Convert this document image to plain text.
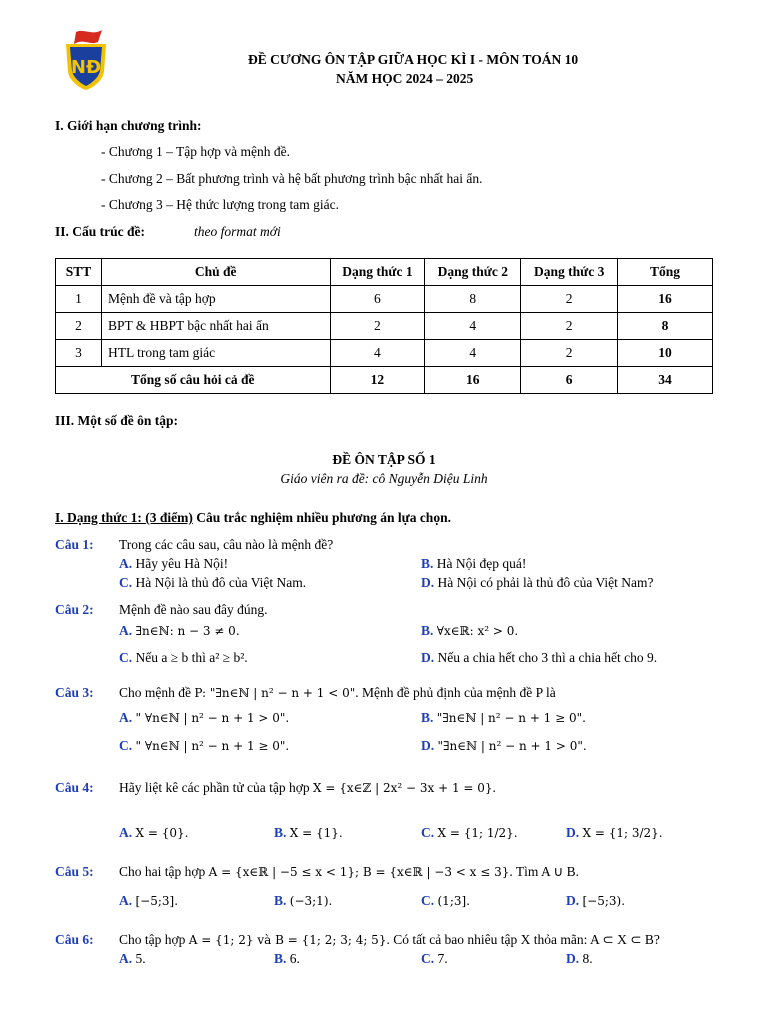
NĐ	ĐỀ CƯƠNG ÔN TẬP GIỮA HỌC KÌ I - MÔN TOÁN 10
NĂM HỌC 2024 – 2025
I. Giới hạn chương trình:
- Chương 1 – Tập hợp và mệnh đề.
- Chương 2 – Bất phương trình và hệ bất phương trình bậc nhất hai ẩn.
- Chương 3 – Hệ thức lượng trong tam giác.
II. Cấu trúc đề:	theo format mới
STT	Chủ đề	Dạng thức 1	Dạng thức 2	Dạng thức 3	Tổng
1	Mệnh đề và tập hợp	6	8	2	16
2	BPT & HBPT bậc nhất hai ẩn	2	4	2	8
3	HTL trong tam giác	4	4	2	10
Tổng số câu hỏi cả đề		12	16	6	34
III. Một số đề ôn tập:
ĐỀ ÔN TẬP SỐ 1
Giáo viên ra đề: cô Nguyễn Diệu Linh
I. Dạng thức 1: (3 điểm) Câu trắc nghiệm nhiều phương án lựa chọn.
Câu 1: Trong các câu sau, câu nào là mệnh đề?
A. Hãy yêu Hà Nội!	B. Hà Nội đẹp quá!
C. Hà Nội là thủ đô của Việt Nam.	D. Hà Nội có phải là thủ đô của Việt Nam?
Câu 2: Mệnh đề nào sau đây đúng.
A. ∃n∈ℕ: n − 3 ≠ 0.	B. ∀x∈ℝ: x² > 0.
C. Nếu a ≥ b thì a² ≥ b².	D. Nếu a chia hết cho 3 thì a chia hết cho 9.
Câu 3: Cho mệnh đề P: "∃n∈ℕ | n² − n + 1 < 0". Mệnh đề phủ định của mệnh đề P là
A. " ∀n∈ℕ | n² − n + 1 > 0".	B. "∃n∈ℕ | n² − n + 1 ≥ 0".
C. " ∀n∈ℕ | n² − n + 1 ≥ 0".	D. "∃n∈ℕ | n² − n + 1 > 0".
Câu 4: Hãy liệt kê các phần tử của tập hợp X = {x∈ℤ | 2x² − 3x + 1 = 0}.
A. X = {0}.	B. X = {1}.	C. X = {1; 1/2}.	D. X = {1; 3/2}.
Câu 5: Cho hai tập hợp A = {x∈ℝ | −5 ≤ x < 1}; B = {x∈ℝ | −3 < x ≤ 3}. Tìm A ∪ B.
A. [−5;3].	B. (−3;1).	C. (1;3].	D. [−5;3).
Câu 6: Cho tập hợp A = {1; 2} và B = {1; 2; 3; 4; 5}. Có tất cả bao nhiêu tập X thỏa mãn: A ⊂ X ⊂ B?
A. 5.	B. 6.	C. 7.	D. 8.
